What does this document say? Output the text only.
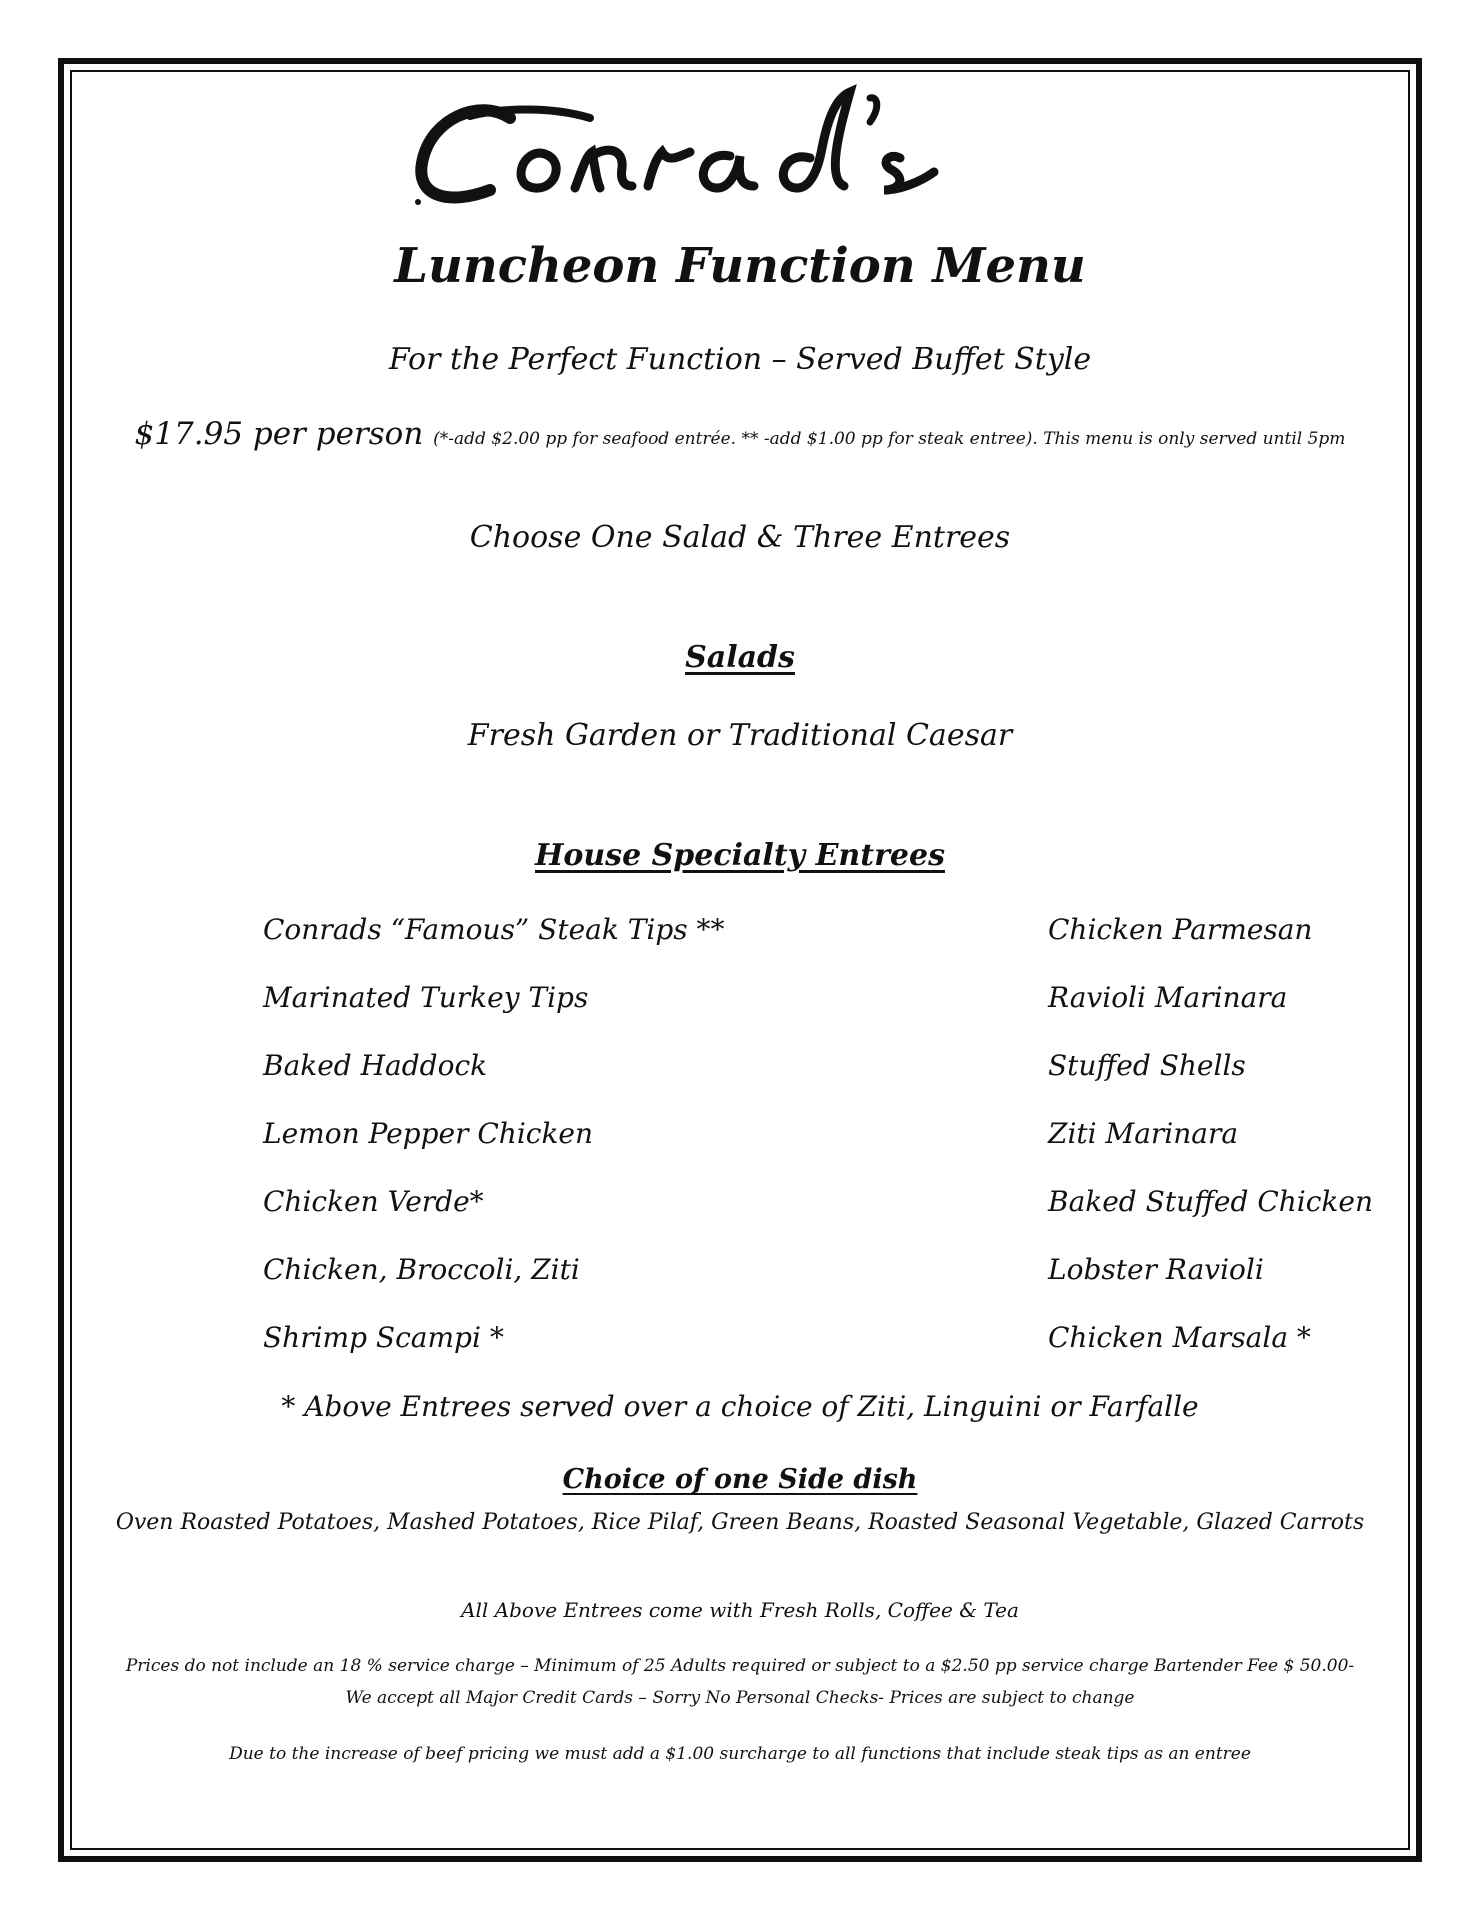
Luncheon Function Menu
For the Perfect Function – Served Buffet Style
$17.95 per person (*-add $2.00 pp for seafood entrée. ** -add $1.00 pp for steak entree). This menu is only served until 5pm
Choose One Salad & Three Entrees
Salads
Fresh Garden or Traditional Caesar
House Specialty Entrees
Conrads “Famous” Steak Tips **
Marinated Turkey Tips
Baked Haddock
Lemon Pepper Chicken
Chicken Verde*
Chicken, Broccoli, Ziti
Shrimp Scampi *
Chicken Parmesan
Ravioli Marinara
Stuffed Shells
Ziti Marinara
Baked Stuffed Chicken
Lobster Ravioli
Chicken Marsala *
* Above Entrees served over a choice of Ziti, Linguini or Farfalle
Choice of one Side dish
Oven Roasted Potatoes, Mashed Potatoes, Rice Pilaf, Green Beans, Roasted Seasonal Vegetable, Glazed Carrots
All Above Entrees come with Fresh Rolls, Coffee & Tea
Prices do not include an 18 % service charge – Minimum of 25 Adults required or subject to a $2.50 pp service charge Bartender Fee $ 50.00-
We accept all Major Credit Cards – Sorry No Personal Checks- Prices are subject to change
Due to the increase of beef pricing we must add a $1.00 surcharge to all functions that include steak tips as an entree
